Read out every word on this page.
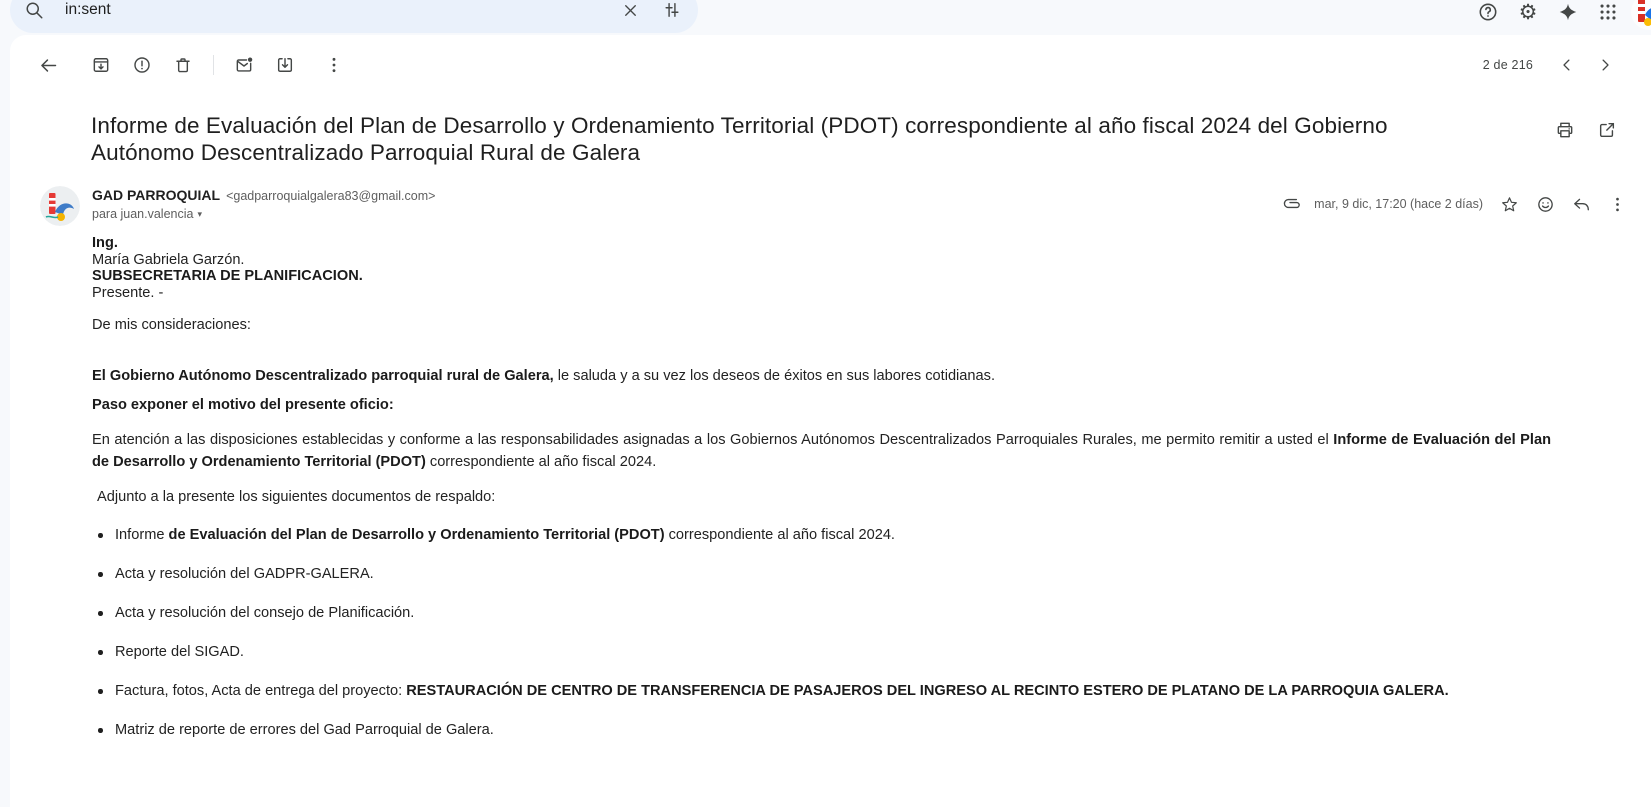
in:sent
⚙
2 de 216
Informe de Evaluación del Plan de Desarrollo y Ordenamiento Territorial (PDOT) correspondiente al año fiscal 2024 del Gobierno Autónomo Descentralizado Parroquial Rural de Galera
GAD PARROQUIAL <gadparroquialgalera83@gmail.com>
para juan.valencia ▾
mar, 9 dic, 17:20 (hace 2 días)

Ing.

María Gabriela Garzón.

SUBSECRETARIA DE PLANIFICACION.

Presente. -

De mis consideraciones:

El Gobierno Autónomo Descentralizado parroquial rural de Galera, le saluda y a su vez los deseos de éxitos en sus labores cotidianas.

Paso exponer el motivo del presente oficio:

En atención a las disposiciones establecidas y conforme a las responsabilidades asignadas a los Gobiernos Autónomos Descentralizados Parroquiales Rurales, me permito remitir a usted el Informe de Evaluación del Plan de Desarrollo y Ordenamiento Territorial (PDOT) correspondiente al año fiscal 2024.

Adjunto a la presente los siguientes documentos de respaldo:

Informe de Evaluación del Plan de Desarrollo y Ordenamiento Territorial (PDOT) correspondiente al año fiscal 2024.
Acta y resolución del GADPR-GALERA.
Acta y resolución del consejo de Planificación.
Reporte del SIGAD.
Factura, fotos, Acta de entrega del proyecto: RESTAURACIÓN DE CENTRO DE TRANSFERENCIA DE PASAJEROS DEL INGRESO AL RECINTO ESTERO DE PLATANO DE LA PARROQUIA GALERA.
Matriz de reporte de errores del Gad Parroquial de Galera.
